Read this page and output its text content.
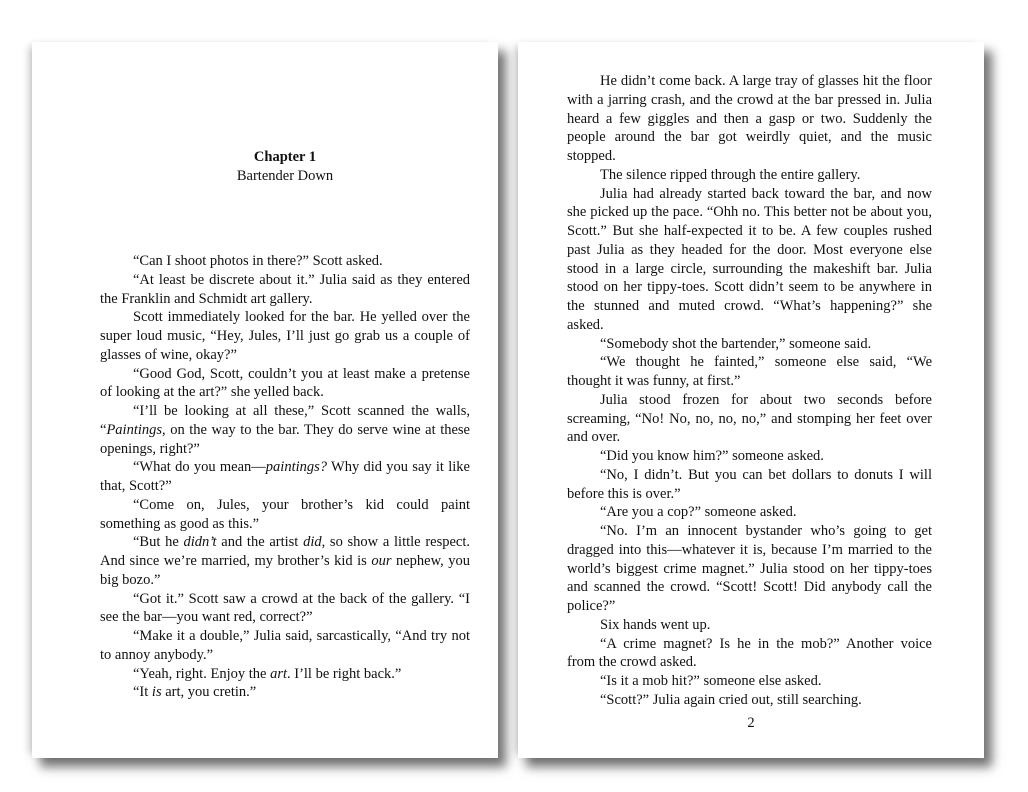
Chapter 1
Bartender Down

“Can I shoot photos in there?” Scott asked.

“At least be discrete about it.” Julia said as they entered the Franklin and Schmidt art gallery.

Scott immediately looked for the bar. He yelled over the super loud music, “Hey, Jules, I’ll just go grab us a couple of glasses of wine, okay?”

“Good God, Scott, couldn’t you at least make a pretense of looking at the art?” she yelled back.

“I’ll be looking at all these,” Scott scanned the walls, “Paintings, on the way to the bar. They do serve wine at these openings, right?”

“What do you mean—paintings? Why did you say it like that, Scott?”

“Come on, Jules, your brother’s kid could paint something as good as this.”

“But he didn’t and the artist did, so show a little respect. And since we’re married, my brother’s kid is our nephew, you big bozo.”

“Got it.” Scott saw a crowd at the back of the gallery. “I see the bar—you want red, correct?”

“Make it a double,” Julia said, sarcastically, “And try not to annoy anybody.”

“Yeah, right. Enjoy the art. I’ll be right back.”

“It is art, you cretin.”

He didn’t come back. A large tray of glasses hit the floor with a jarring crash, and the crowd at the bar pressed in. Julia heard a few giggles and then a gasp or two. Suddenly the people around the bar got weirdly quiet, and the music stopped.

The silence ripped through the entire gallery.

Julia had already started back toward the bar, and now she picked up the pace. “Ohh no. This better not be about you, Scott.” But she half-expected it to be. A few couples rushed past Julia as they headed for the door. Most everyone else stood in a large circle, surrounding the makeshift bar. Julia stood on her tippy-toes. Scott didn’t seem to be anywhere in the stunned and muted crowd. “What’s happening?” she asked.

“Somebody shot the bartender,” someone said.

“We thought he fainted,” someone else said, “We thought it was funny, at first.”

Julia stood frozen for about two seconds before screaming, “No! No, no, no, no,” and stomping her feet over and over.

“Did you know him?” someone asked.

“No, I didn’t. But you can bet dollars to donuts I will before this is over.”

“Are you a cop?” someone asked.

“No. I’m an innocent bystander who’s going to get dragged into this—whatever it is, because I’m married to the world’s biggest crime magnet.” Julia stood on her tippy-toes and scanned the crowd. “Scott! Scott! Did anybody call the police?”

Six hands went up.

“A crime magnet? Is he in the mob?” Another voice from the crowd asked.

“Is it a mob hit?” someone else asked.

“Scott?” Julia again cried out, still searching.

2
